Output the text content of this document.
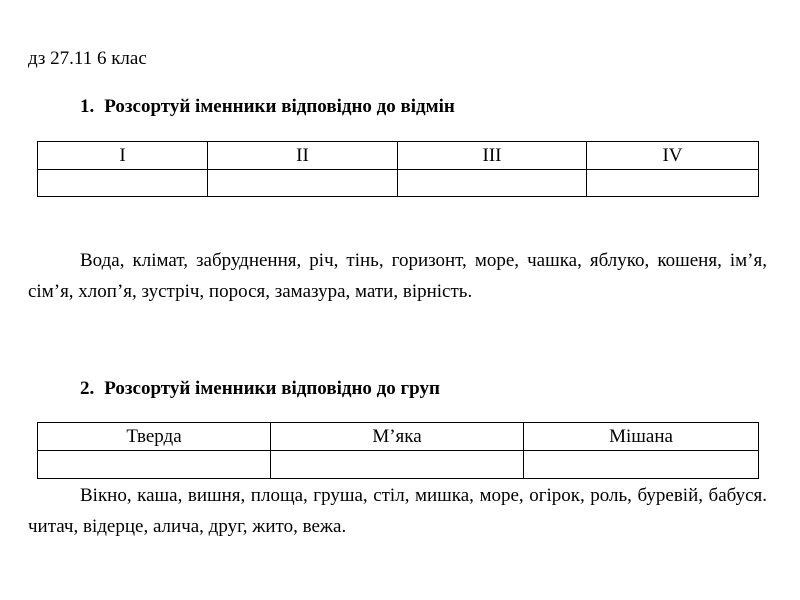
дз 27.11 6 клас
1. Розсортуй іменники відповідно до відмін
I	II	III	IV

Вода, клімат, забруднення, річ, тінь, горизонт, море, чашка, яблуко, кошеня, ім’я, сім’я, хлоп’я, зустріч, порося, замазура, мати, вірність.
2. Розсортуй іменники відповідно до груп
Тверда	М’яка	Мішана

Вікно, каша, вишня, площа, груша, стіл, мишка, море, огірок, роль, буревій, бабуся. читач, відерце, алича, друг, жито, вежа.
